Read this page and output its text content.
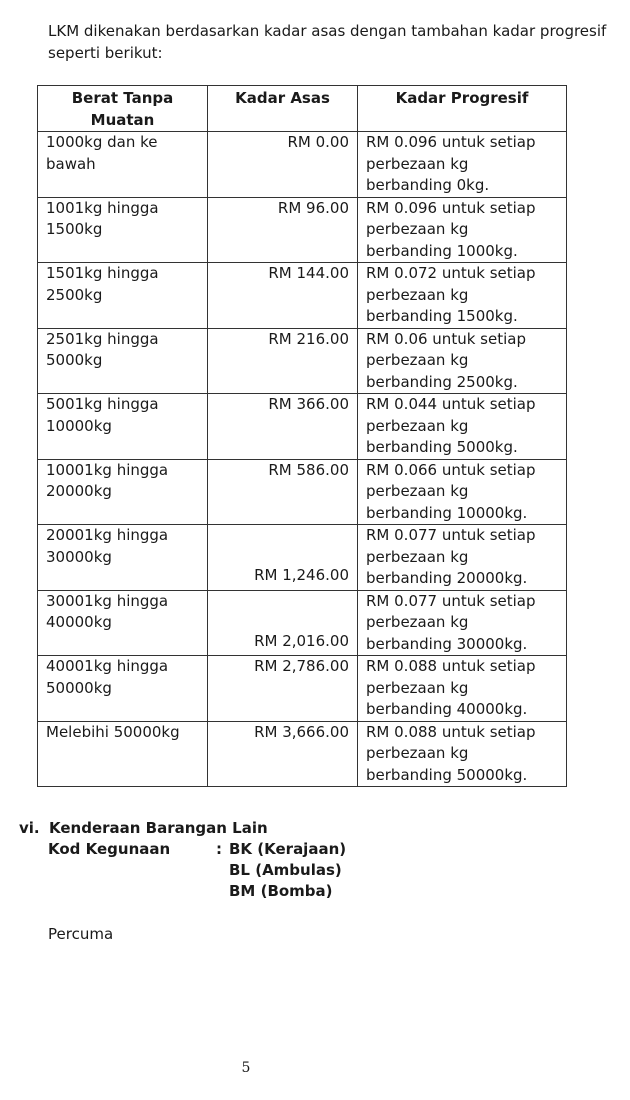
LKM dikenakan berdasarkan kadar asas dengan tambahan kadar progresif seperti berikut:

Berat Tanpa Muatan	Kadar Asas	Kadar Progresif
1000kg dan ke bawah	RM 0.00	RM 0.096 untuk setiap perbezaan kg berbanding 0kg.
1001kg hingga 1500kg	RM 96.00	RM 0.096 untuk setiap perbezaan kg berbanding 1000kg.
1501kg hingga 2500kg	RM 144.00	RM 0.072 untuk setiap perbezaan kg berbanding 1500kg.
2501kg hingga 5000kg	RM 216.00	RM 0.06 untuk setiap perbezaan kg berbanding 2500kg.
5001kg hingga 10000kg	RM 366.00	RM 0.044 untuk setiap perbezaan kg berbanding 5000kg.
10001kg hingga 20000kg	RM 586.00	RM 0.066 untuk setiap perbezaan kg berbanding 10000kg.
20001kg hingga 30000kg	RM 1,246.00	RM 0.077 untuk setiap perbezaan kg berbanding 20000kg.
30001kg hingga 40000kg	RM 2,016.00	RM 0.077 untuk setiap perbezaan kg berbanding 30000kg.
40001kg hingga 50000kg	RM 2,786.00	RM 0.088 untuk setiap perbezaan kg berbanding 40000kg.
Melebihi 50000kg	RM 3,666.00	RM 0.088 untuk setiap perbezaan kg berbanding 50000kg.
vi. Kenderaan Barangan Lain
Kod Kegunaan	: BK (Kerajaan)
BL (Ambulas)
BM (Bomba)
Percuma
5
